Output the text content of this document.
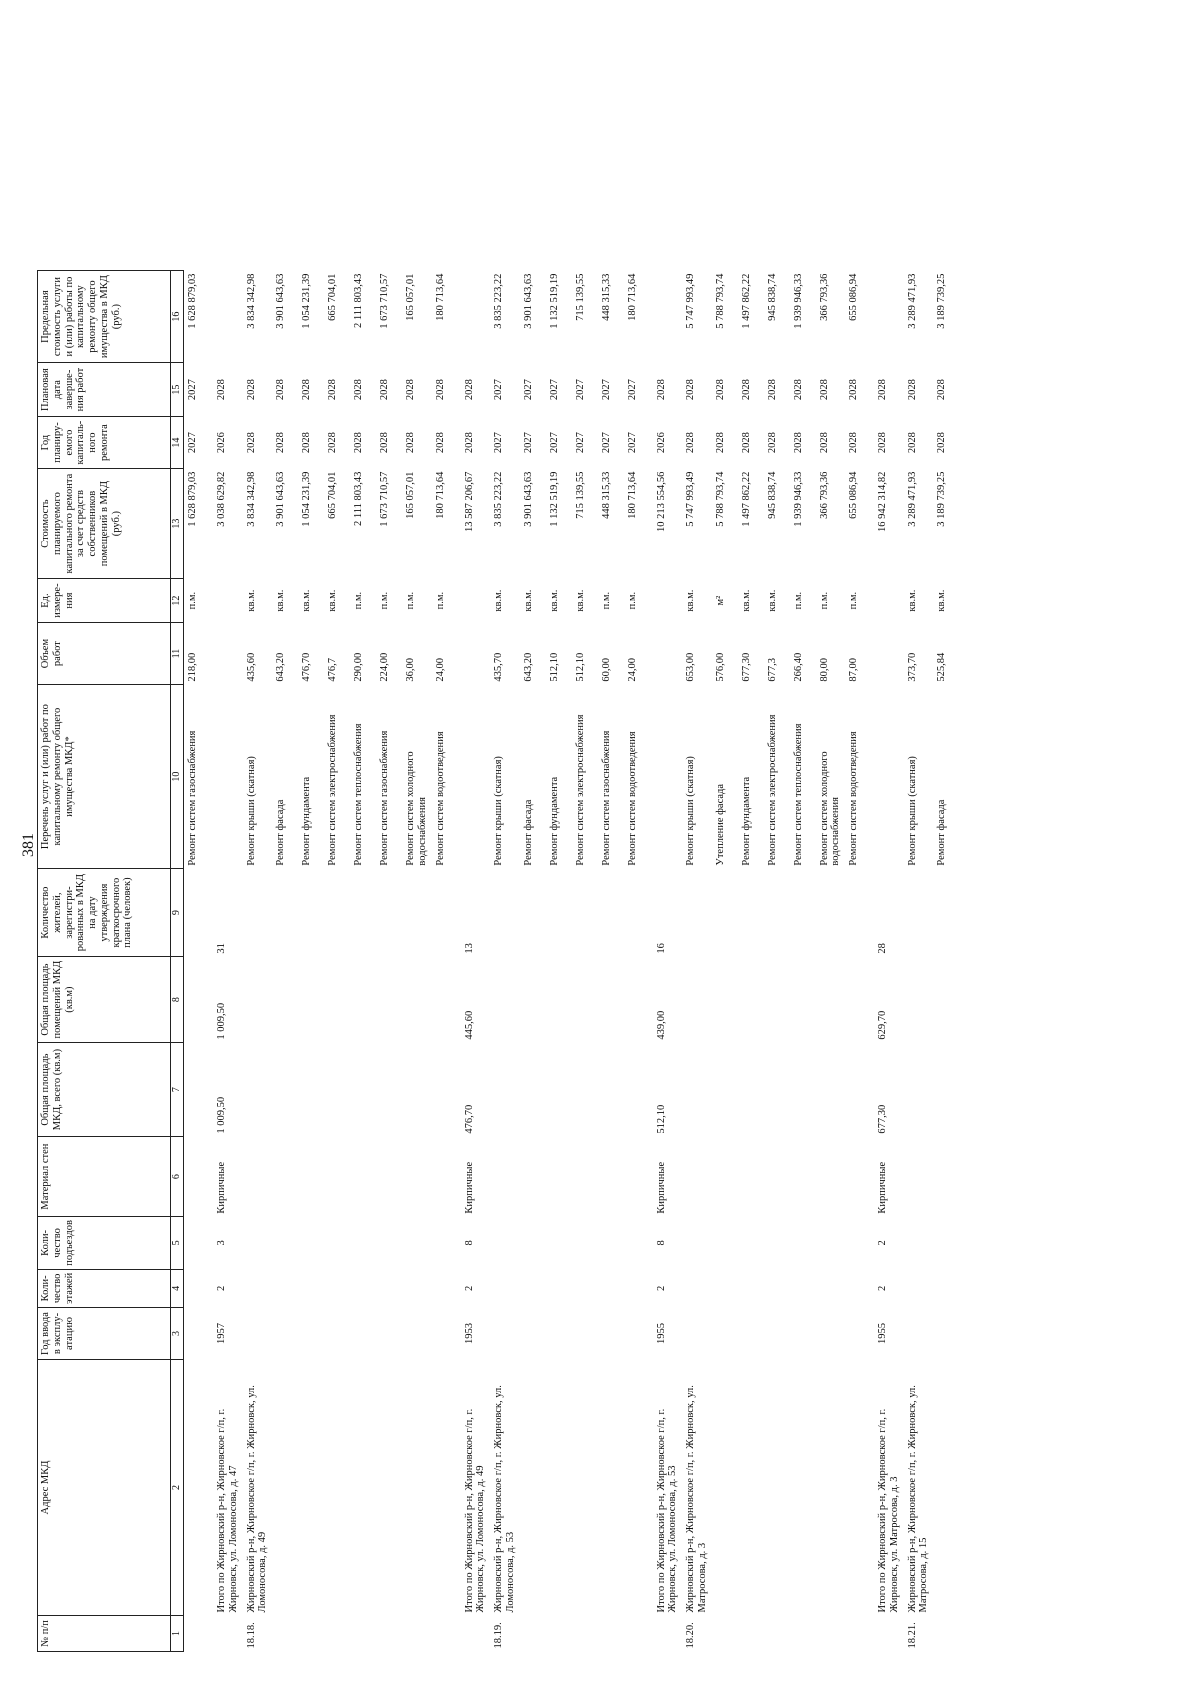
381
№ п/п	Адрес МКД	Год ввода в эксплу-атацию	Коли-чество этажей	Коли-чество подъездов	Материал стен	Общая площадь МКД, всего (кв.м)	Общая площадь помещений МКД (кв.м)	Количество жителей, зарегистри-рованных в МКД на дату утверждения краткосрочного плана (человек)	Перечень услуг и (или) работ по капитальному ремонту общего имущества МКД*	Объем работ	Ед. измере-ния	Стоимость планируемого капитального ремонта за счет средств собственников помещений в МКД (руб.)	Год планиру-емого капиталь-ного ремонта	Плановая дата заверше-ния работ	Предельная стоимость услуги и (или) работы по капитальному ремонту общего имущества в МКД (руб.)
1	2	3	4	5	6	7	8	9	10	11	12	13	14	15	16
									Ремонт систем газоснабжения	218,00	п.м.	1 628 879,03	2027	2027	1 628 879,03
	Итого по Жирновский р-н, Жирновское г/п, г. Жирновск, ул. Ломоносова, д. 47	1957	2	3	Кирпичные	1 009,50	1 009,50	31				3 038 629,82	2026	2028	
18.18.	Жирновский р-н, Жирновское г/п, г. Жирновск, ул. Ломоносова, д. 49								Ремонт крыши (скатная)	435,60	кв.м.	3 834 342,98	2028	2028	3 834 342,98
									Ремонт фасада	643,20	кв.м.	3 901 643,63	2028	2028	3 901 643,63
									Ремонт фундамента	476,70	кв.м.	1 054 231,39	2028	2028	1 054 231,39
									Ремонт систем электроснабжения	476,7	кв.м.	665 704,01	2028	2028	665 704,01
									Ремонт систем теплоснабжения	290,00	п.м.	2 111 803,43	2028	2028	2 111 803,43
									Ремонт систем газоснабжения	224,00	п.м.	1 673 710,57	2028	2028	1 673 710,57
									Ремонт систем холодного водоснабжения	36,00	п.м.	165 057,01	2028	2028	165 057,01
									Ремонт систем водоотведения	24,00	п.м.	180 713,64	2028	2028	180 713,64
	Итого по Жирновский р-н, Жирновское г/п, г. Жирновск, ул. Ломоносова, д. 49	1953	2	8	Кирпичные	476,70	445,60	13				13 587 206,67	2028	2028	
18.19.	Жирновский р-н, Жирновское г/п, г. Жирновск, ул. Ломоносова, д. 53								Ремонт крыши (скатная)	435,70	кв.м.	3 835 223,22	2027	2027	3 835 223,22
									Ремонт фасада	643,20	кв.м.	3 901 643,63	2027	2027	3 901 643,63
									Ремонт фундамента	512,10	кв.м.	1 132 519,19	2027	2027	1 132 519,19
									Ремонт систем электроснабжения	512,10	кв.м.	715 139,55	2027	2027	715 139,55
									Ремонт систем газоснабжения	60,00	п.м.	448 315,33	2027	2027	448 315,33
									Ремонт систем водоотведения	24,00	п.м.	180 713,64	2027	2027	180 713,64
	Итого по Жирновский р-н, Жирновское г/п, г. Жирновск, ул. Ломоносова, д. 53	1955	2	8	Кирпичные	512,10	439,00	16				10 213 554,56	2026	2028	
18.20.	Жирновский р-н, Жирновское г/п, г. Жирновск, ул. Матросова, д. 3								Ремонт крыши (скатная)	653,00	кв.м.	5 747 993,49	2028	2028	5 747 993,49
									Утепление фасада	576,00	м²	5 788 793,74	2028	2028	5 788 793,74
									Ремонт фундамента	677,30	кв.м.	1 497 862,22	2028	2028	1 497 862,22
									Ремонт систем электроснабжения	677,3	кв.м.	945 838,74	2028	2028	945 838,74
									Ремонт систем теплоснабжения	266,40	п.м.	1 939 946,33	2028	2028	1 939 946,33
									Ремонт систем холодного водоснабжения	80,00	п.м.	366 793,36	2028	2028	366 793,36
									Ремонт систем водоотведения	87,00	п.м.	655 086,94	2028	2028	655 086,94
	Итого по Жирновский р-н, Жирновское г/п, г. Жирновск, ул. Матросова, д. 3	1955	2	2	Кирпичные	677,30	629,70	28				16 942 314,82	2028	2028	
18.21.	Жирновский р-н, Жирновское г/п, г. Жирновск, ул. Матросова, д. 15								Ремонт крыши (скатная)	373,70	кв.м.	3 289 471,93	2028	2028	3 289 471,93
									Ремонт фасада	525,84	кв.м.	3 189 739,25	2028	2028	3 189 739,25
